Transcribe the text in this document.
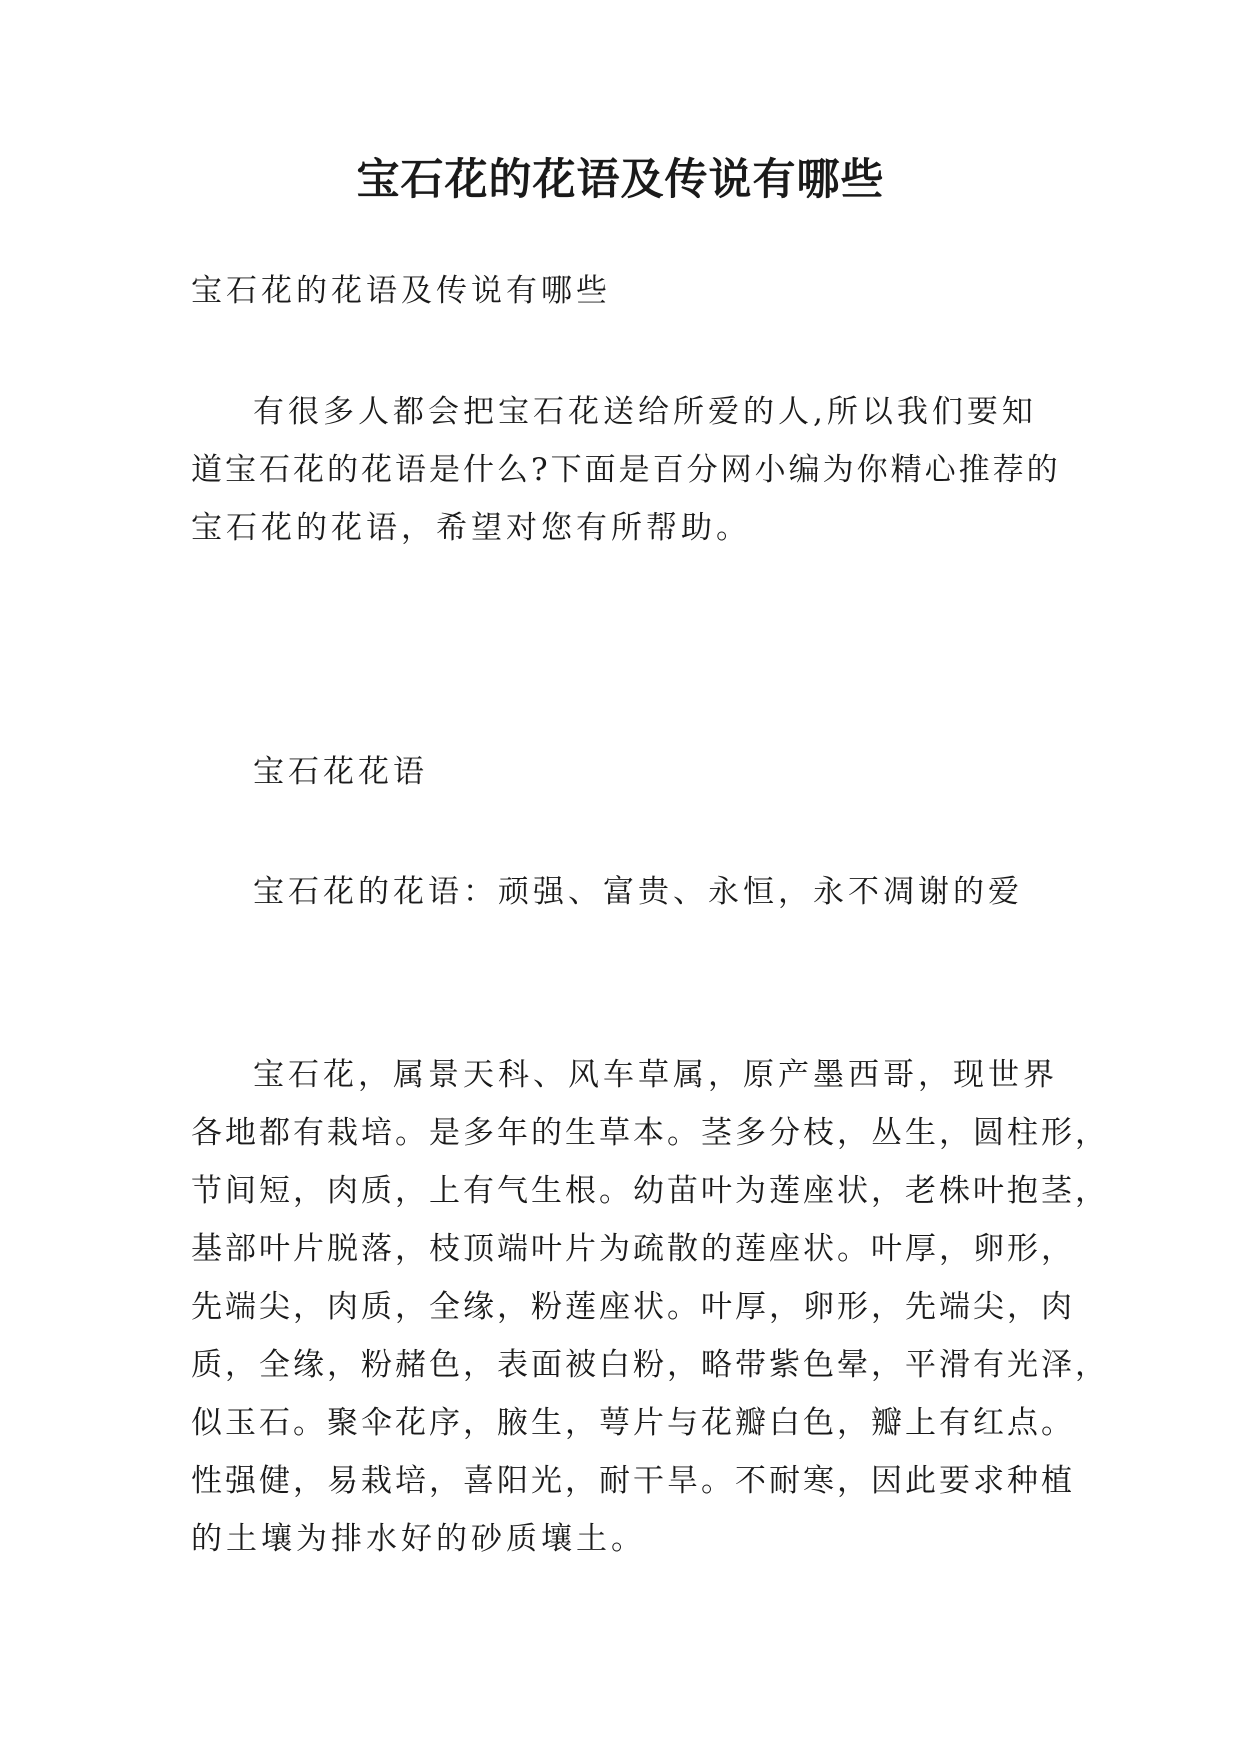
宝石花的花语及传说有哪些

宝石花的花语及传说有哪些

有很多人都会把宝石花送给所爱的人,所以我们要知
道宝石花的花语是什么?下面是百分网小编为你精心推荐的
宝石花的花语，希望对您有所帮助。

宝石花花语

宝石花的花语：顽强、富贵、永恒，永不凋谢的爱

宝石花，属景天科、风车草属，原产墨西哥，现世界
各地都有栽培。是多年的生草本。茎多分枝，丛生，圆柱形，
节间短，肉质，上有气生根。幼苗叶为莲座状，老株叶抱茎，
基部叶片脱落，枝顶端叶片为疏散的莲座状。叶厚，卵形，
先端尖，肉质，全缘，粉莲座状。叶厚，卵形，先端尖，肉
质，全缘，粉赭色，表面被白粉，略带紫色晕，平滑有光泽，
似玉石。聚伞花序，腋生，萼片与花瓣白色，瓣上有红点。
性强健，易栽培，喜阳光，耐干旱。不耐寒，因此要求种植
的土壤为排水好的砂质壤土。
